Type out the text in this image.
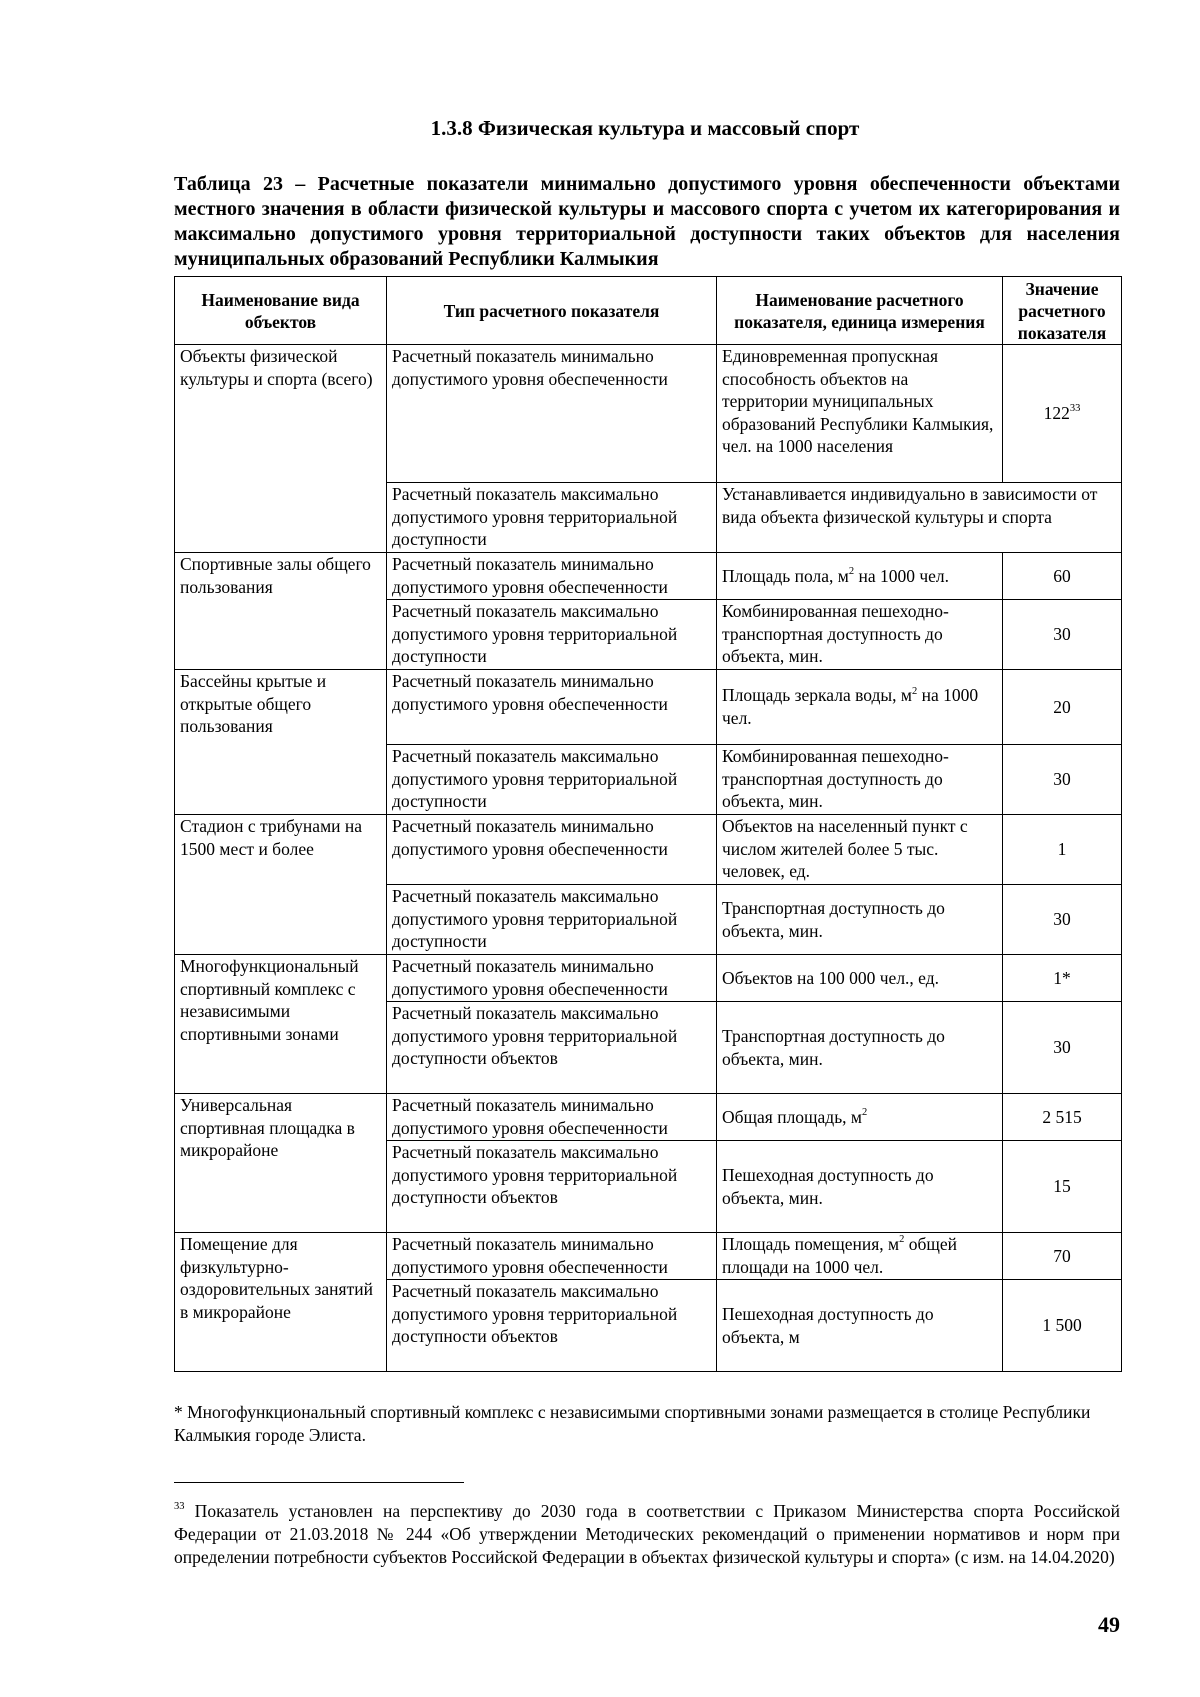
1.3.8 Физическая культура и массовый спорт
Таблица 23 – Расчетные показатели минимально допустимого уровня обеспеченности объектами местного значения в области физической культуры и массового спорта с учетом их категорирования и максимально допустимого уровня территориальной доступности таких объектов для населения муниципальных образований Республики Калмыкия
Наименование вида объектов	Тип расчетного показателя	Наименование расчетного показателя, единица измерения	Значение расчетного показателя
Объекты физической культуры и спорта (всего)	Расчетный показатель минимально допустимого уровня обеспеченности	Единовременная пропускная способность объектов на территории муниципальных образований Республики Калмыкия, чел. на 1000 населения	$122^{33}$
	Расчетный показатель максимально допустимого уровня территориальной доступности	Устанавливается индивидуально в зависимости от вида объекта физической культуры и спорта	
Спортивные залы общего пользования	Расчетный показатель минимально допустимого уровня обеспеченности	Площадь пола, $м^2$ на 1000 чел.	60
	Расчетный показатель максимально допустимого уровня территориальной доступности	Комбинированная пешеходно-транспортная доступность до объекта, мин.	30
Бассейны крытые и открытые общего пользования	Расчетный показатель минимально допустимого уровня обеспеченности	Площадь зеркала воды, $м^2$ на 1000 чел.	20
	Расчетный показатель максимально допустимого уровня территориальной доступности	Комбинированная пешеходно-транспортная доступность до объекта, мин.	30
Стадион с трибунами на 1500 мест и более	Расчетный показатель минимально допустимого уровня обеспеченности	Объектов на населенный пункт с числом жителей более 5 тыс. человек, ед.	1
	Расчетный показатель максимально допустимого уровня территориальной доступности	Транспортная доступность до объекта, мин.	30
Многофункциональный спортивный комплекс с независимыми спортивными зонами	Расчетный показатель минимально допустимого уровня обеспеченности	Объектов на 100 000 чел., ед.	1*
	Расчетный показатель максимально допустимого уровня территориальной доступности объектов	Транспортная доступность до объекта, мин.	30
Универсальная спортивная площадка в микрорайоне	Расчетный показатель минимально допустимого уровня обеспеченности	Общая площадь, $м^2$	2 515
	Расчетный показатель максимально допустимого уровня территориальной доступности объектов	Пешеходная доступность до объекта, мин.	15
Помещение для физкультурно-оздоровительных занятий в микрорайоне	Расчетный показатель минимально допустимого уровня обеспеченности	Площадь помещения, $м^2$ общей площади на 1000 чел.	70
	Расчетный показатель максимально допустимого уровня территориальной доступности объектов	Пешеходная доступность до объекта, м	1 500
* Многофункциональный спортивный комплекс с независимыми спортивными зонами размещается в столице Республики Калмыкия городе Элиста.
$^{33}$ Показатель установлен на перспективу до 2030 года в соответствии с Приказом Министерства спорта Российской Федерации от 21.03.2018 № 244 «Об утверждении Методических рекомендаций о применении нормативов и норм при определении потребности субъектов Российской Федерации в объектах физической культуры и спорта» (с изм. на 14.04.2020)
49
